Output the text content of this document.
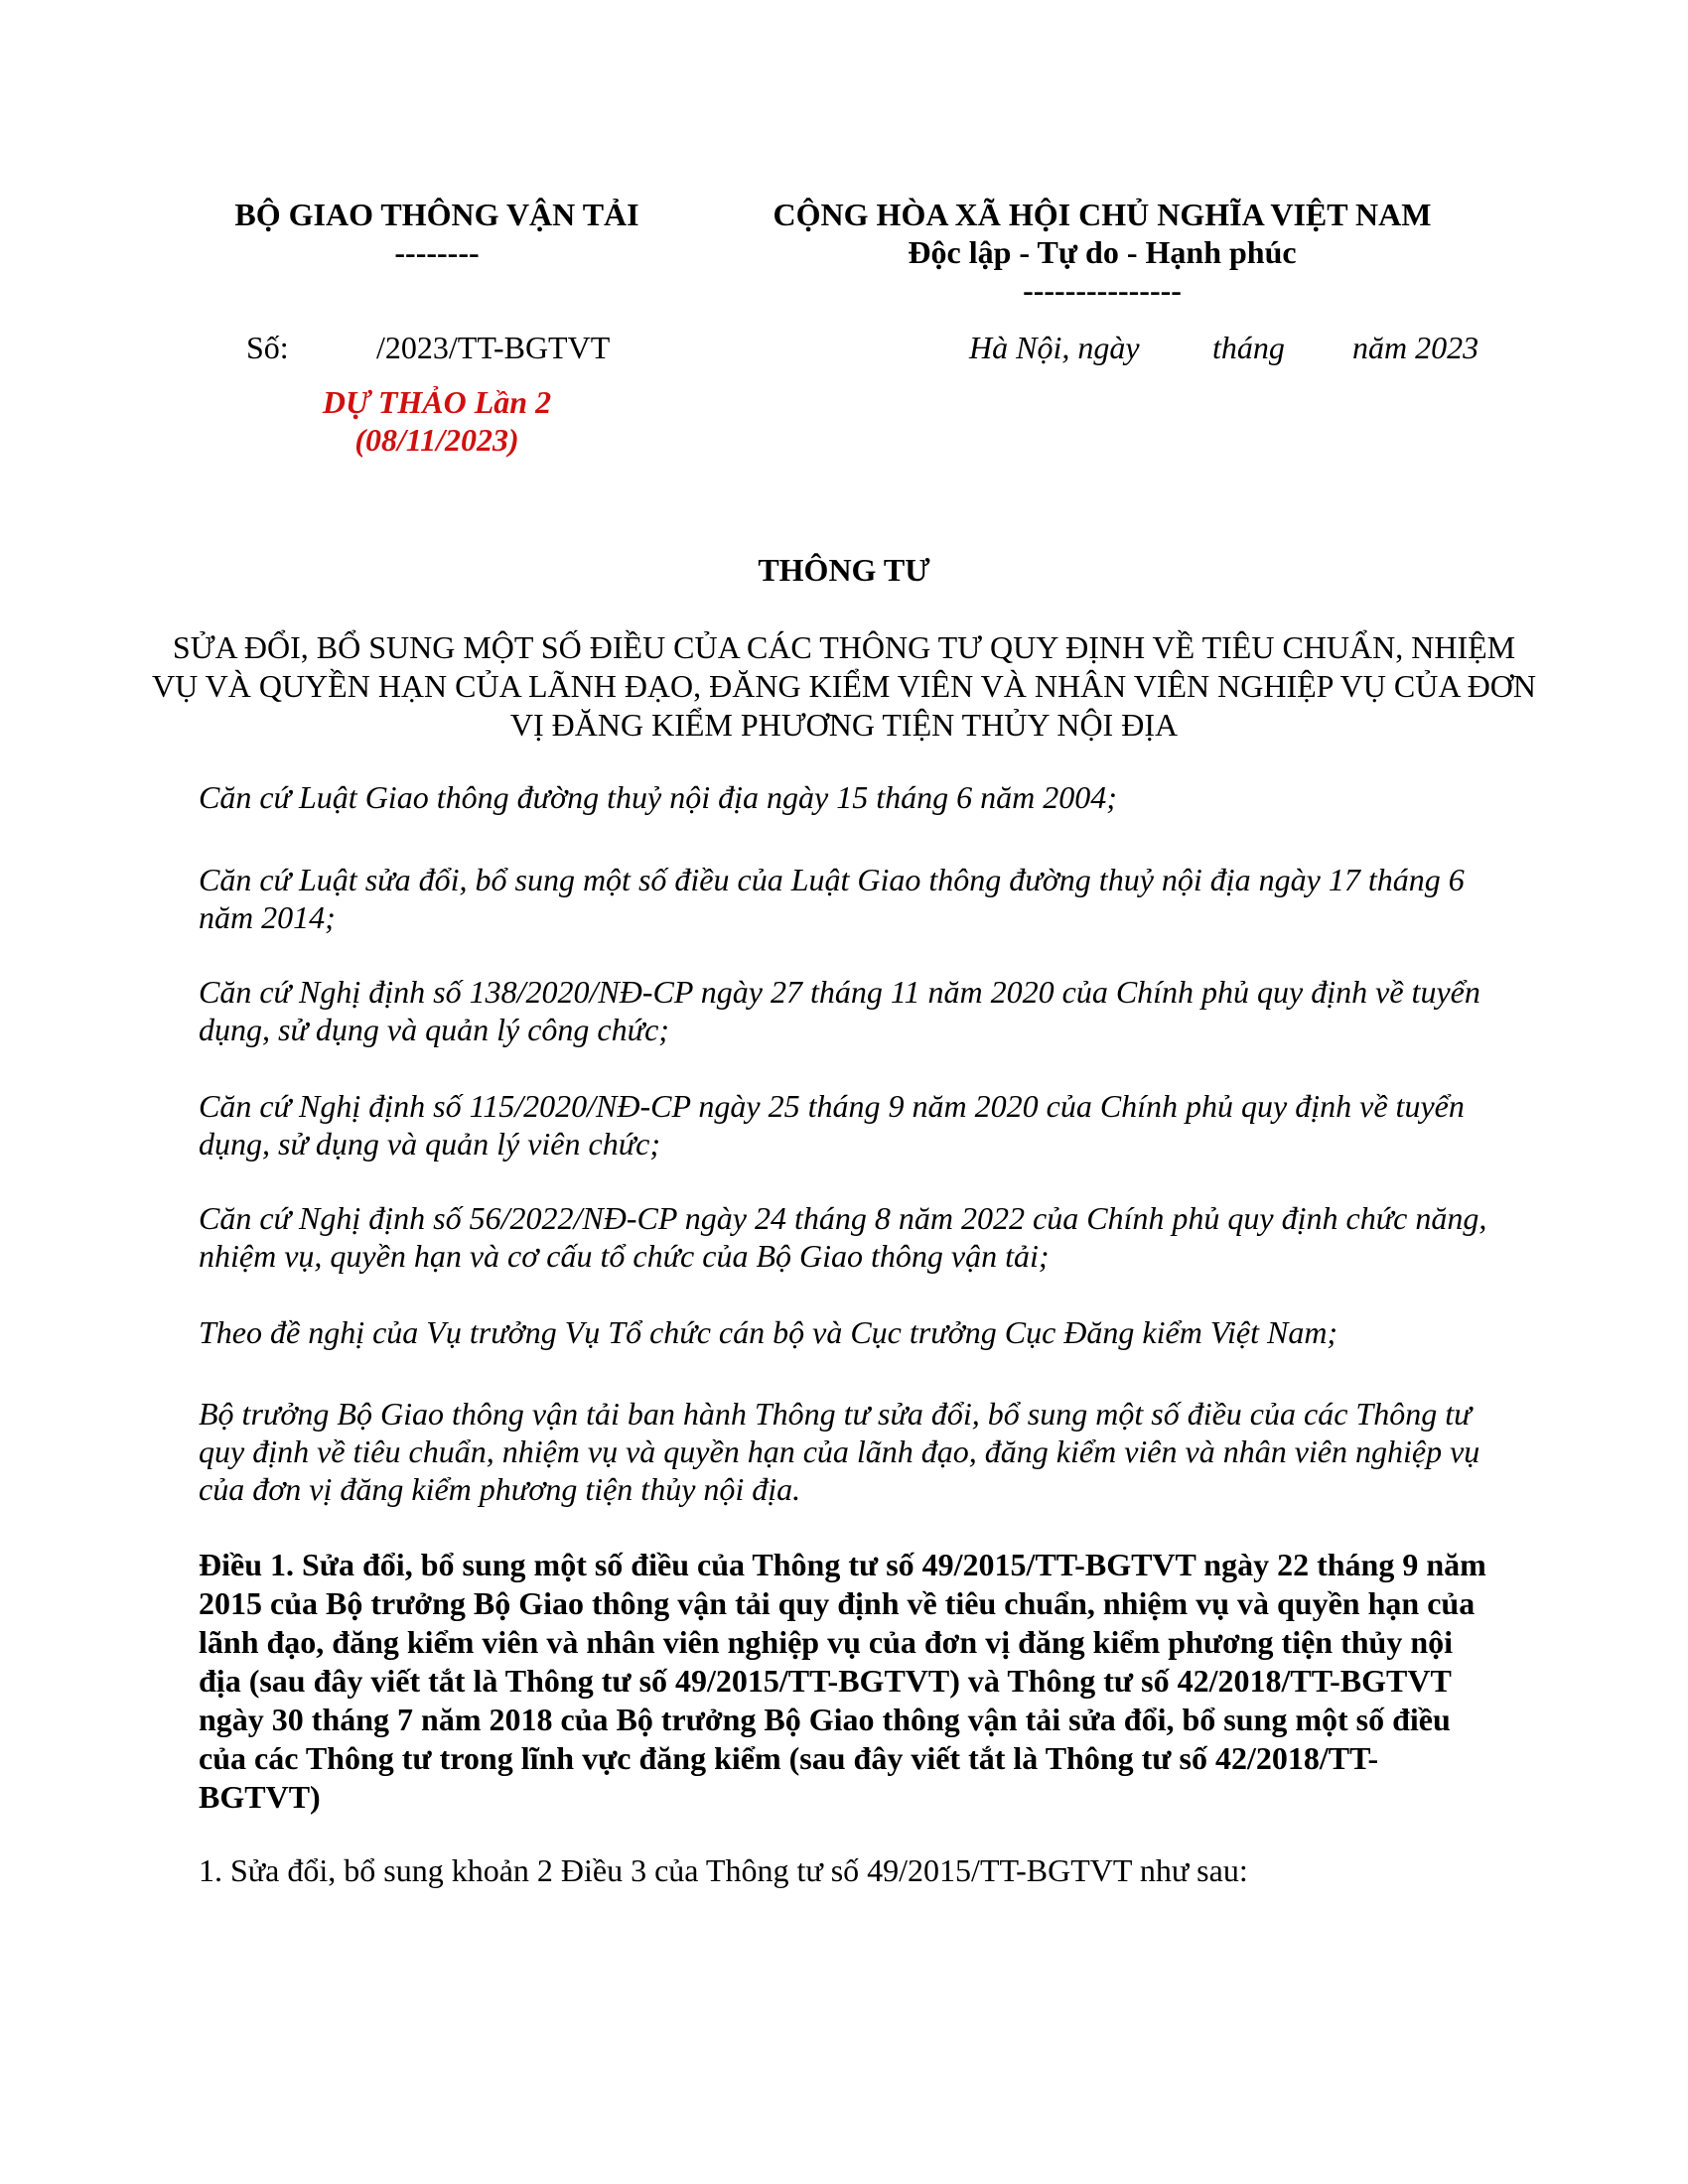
BỘ GIAO THÔNG VẬN TẢI
--------
CỘNG HÒA XÃ HỘI CHỦ NGHĨA VIỆT NAM
Độc lập - Tự do - Hạnh phúc
---------------
Số:	/2023/TT-BGTVT	Hà Nội, ngày tháng năm 2023
DỰ THẢO Lần 2
(08/11/2023)
THÔNG TƯ
SỬA ĐỔI, BỔ SUNG MỘT SỐ ĐIỀU CỦA CÁC THÔNG TƯ QUY ĐỊNH VỀ TIÊU CHUẨN, NHIỆM VỤ VÀ QUYỀN HẠN CỦA LÃNH ĐẠO, ĐĂNG KIỂM VIÊN VÀ NHÂN VIÊN NGHIỆP VỤ CỦA ĐƠN VỊ ĐĂNG KIỂM PHƯƠNG TIỆN THỦY NỘI ĐỊA
Căn cứ Luật Giao thông đường thuỷ nội địa ngày 15 tháng 6 năm 2004;
Căn cứ Luật sửa đổi, bổ sung một số điều của Luật Giao thông đường thuỷ nội địa ngày 17 tháng 6 năm 2014;
Căn cứ Nghị định số 138/2020/NĐ-CP ngày 27 tháng 11 năm 2020 của Chính phủ quy định về tuyển dụng, sử dụng và quản lý công chức;
Căn cứ Nghị định số 115/2020/NĐ-CP ngày 25 tháng 9 năm 2020 của Chính phủ quy định về tuyển dụng, sử dụng và quản lý viên chức;
Căn cứ Nghị định số 56/2022/NĐ-CP ngày 24 tháng 8 năm 2022 của Chính phủ quy định chức năng, nhiệm vụ, quyền hạn và cơ cấu tổ chức của Bộ Giao thông vận tải;
Theo đề nghị của Vụ trưởng Vụ Tổ chức cán bộ và Cục trưởng Cục Đăng kiểm Việt Nam;
Bộ trưởng Bộ Giao thông vận tải ban hành Thông tư sửa đổi, bổ sung một số điều của các Thông tư quy định về tiêu chuẩn, nhiệm vụ và quyền hạn của lãnh đạo, đăng kiểm viên và nhân viên nghiệp vụ của đơn vị đăng kiểm phương tiện thủy nội địa.
Điều 1. Sửa đổi, bổ sung một số điều của Thông tư số 49/2015/TT-BGTVT ngày 22 tháng 9 năm 2015 của Bộ trưởng Bộ Giao thông vận tải quy định về tiêu chuẩn, nhiệm vụ và quyền hạn của lãnh đạo, đăng kiểm viên và nhân viên nghiệp vụ của đơn vị đăng kiểm phương tiện thủy nội địa (sau đây viết tắt là Thông tư số 49/2015/TT-BGTVT) và Thông tư số 42/2018/TT-BGTVT ngày 30 tháng 7 năm 2018 của Bộ trưởng Bộ Giao thông vận tải sửa đổi, bổ sung một số điều của các Thông tư trong lĩnh vực đăng kiểm (sau đây viết tắt là Thông tư số 42/2018/TT-BGTVT)
1. Sửa đổi, bổ sung khoản 2 Điều 3 của Thông tư số 49/2015/TT-BGTVT như sau:
